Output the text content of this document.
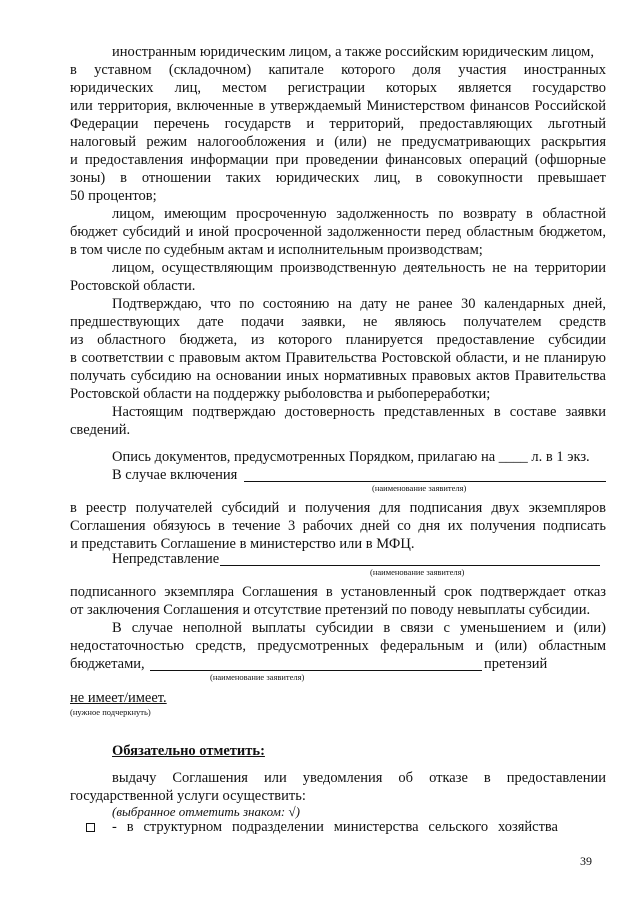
иностранным юридическим лицом, а также российским юридическим лицом,
в уставном (складочном) капитале которого доля участия иностранных
юридических лиц, местом регистрации которых является государство
или территория, включенные в утверждаемый Министерством финансов Российской
Федерации перечень государств и территорий, предоставляющих льготный
налоговый режим налогообложения и (или) не предусматривающих раскрытия
и предоставления информации при проведении финансовых операций (офшорные
зоны) в отношении таких юридических лиц, в совокупности превышает
50 процентов;
лицом, имеющим просроченную задолженность по возврату в областной
бюджет субсидий и иной просроченной задолженности перед областным бюджетом,
в том числе по судебным актам и исполнительным производствам;
лицом, осуществляющим производственную деятельность не на территории
Ростовской области.
Подтверждаю, что по состоянию на дату не ранее 30 календарных дней,
предшествующих дате подачи заявки, не являюсь получателем средств
из областного бюджета, из которого планируется предоставление субсидии
в соответствии с правовым актом Правительства Ростовской области, и не планирую
получать субсидию на основании иных нормативных правовых актов Правительства
Ростовской области на поддержку рыболовства и рыбопереработки;
Настоящим подтверждаю достоверность представленных в составе заявки
сведений.
Опись документов, предусмотренных Порядком, прилагаю на ____ л. в 1 экз.
В случае включения
(наименование заявителя)
в реестр получателей субсидий и получения для подписания двух экземпляров
Соглашения обязуюсь в течение 3 рабочих дней со дня их получения подписать
и представить Соглашение в министерство или в МФЦ.
Непредставление
(наименование заявителя)
подписанного экземпляра Соглашения в установленный срок подтверждает отказ
от заключения Соглашения и отсутствие претензий по поводу невыплаты субсидии.
В случае неполной выплаты субсидии в связи с уменьшением и (или)
недостаточностью средств, предусмотренных федеральным и (или) областным
бюджетами,	претензий
(наименование заявителя)
не имеет/имеет.
(нужное подчеркнуть)
Обязательно отметить:
выдачу Соглашения или уведомления об отказе в предоставлении
государственной услуги осуществить:
(выбранное отметить знаком: √)
- в структурном подразделении министерства сельского хозяйства
39
